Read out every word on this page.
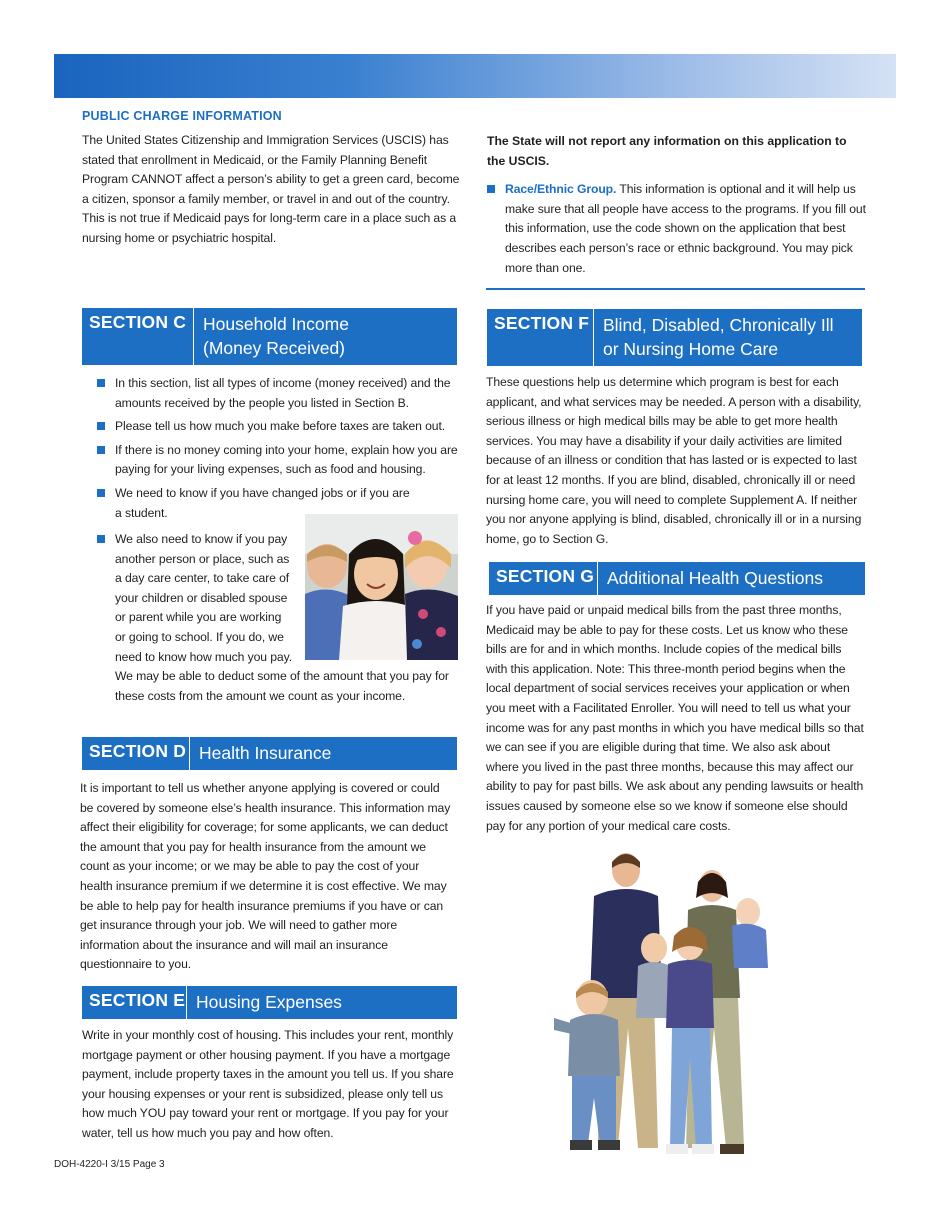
PUBLIC CHARGE INFORMATION

The United States Citizenship and Immigration Services (USCIS) has stated that enrollment in Medicaid, or the Family Planning Benefit Program CANNOT affect a person’s ability to get a green card, become a citizen, sponsor a family member, or travel in and out of the country. This is not true if Medicaid pays for long-term care in a place such as a nursing home or psychiatric hospital.

The State will not report any information on this application to the USCIS.

Race/Ethnic Group. This information is optional and it will help us make sure that all people have access to the programs. If you fill out this information, use the code shown on the application that best describes each person’s race or ethnic background. You may pick more than one.
SECTION C Household Income
(Money Received)
In this section, list all types of income (money received) and the amounts received by the people you listed in Section B.
Please tell us how much you make before taxes are taken out.
If there is no money coming into your home, explain how you are paying for your living expenses, such as food and housing.
We need to know if you have changed jobs or if you are a student.
We also need to know if you pay another person or place, such as a day care center, to take care of your children or disabled spouse or parent while you are working or going to school. If you do, we need to know how much you pay. We may be able to deduct some of the amount that you pay for these costs from the amount we count as your income.
SECTION D Health Insurance

It is important to tell us whether anyone applying is covered or could be covered by someone else’s health insurance. This information may affect their eligibility for coverage; for some applicants, we can deduct the amount that you pay for health insurance from the amount we count as your income; or we may be able to pay the cost of your health insurance premium if we determine it is cost effective. We may be able to help pay for health insurance premiums if you have or can get insurance through your job. We will need to gather more information about the insurance and will mail an insurance questionnaire to you.

SECTION E Housing Expenses

Write in your monthly cost of housing. This includes your rent, monthly mortgage payment or other housing payment. If you have a mortgage payment, include property taxes in the amount you tell us. If you share your housing expenses or your rent is subsidized, please only tell us how much YOU pay toward your rent or mortgage. If you pay for your water, tell us how much you pay and how often.

SECTION F Blind, Disabled, Chronically Ill
or Nursing Home Care

These questions help us determine which program is best for each applicant, and what services may be needed. A person with a disability, serious illness or high medical bills may be able to get more health services. You may have a disability if your daily activities are limited because of an illness or condition that has lasted or is expected to last for at least 12 months. If you are blind, disabled, chronically ill or need nursing home care, you will need to complete Supplement A. If neither you nor anyone applying is blind, disabled, chronically ill or in a nursing home, go to Section G.

SECTION G Additional Health Questions

If you have paid or unpaid medical bills from the past three months, Medicaid may be able to pay for these costs. Let us know who these bills are for and in which months. Include copies of the medical bills with this application. Note: This three-month period begins when the local department of social services receives your application or when you meet with a Facilitated Enroller. You will need to tell us what your income was for any past months in which you have medical bills so that we can see if you are eligible during that time. We also ask about where you lived in the past three months, because this may affect our ability to pay for past bills. We ask about any pending lawsuits or health issues caused by someone else so we know if someone else should pay for any portion of your medical care costs.

DOH-4220-I 3/15 Page 3
